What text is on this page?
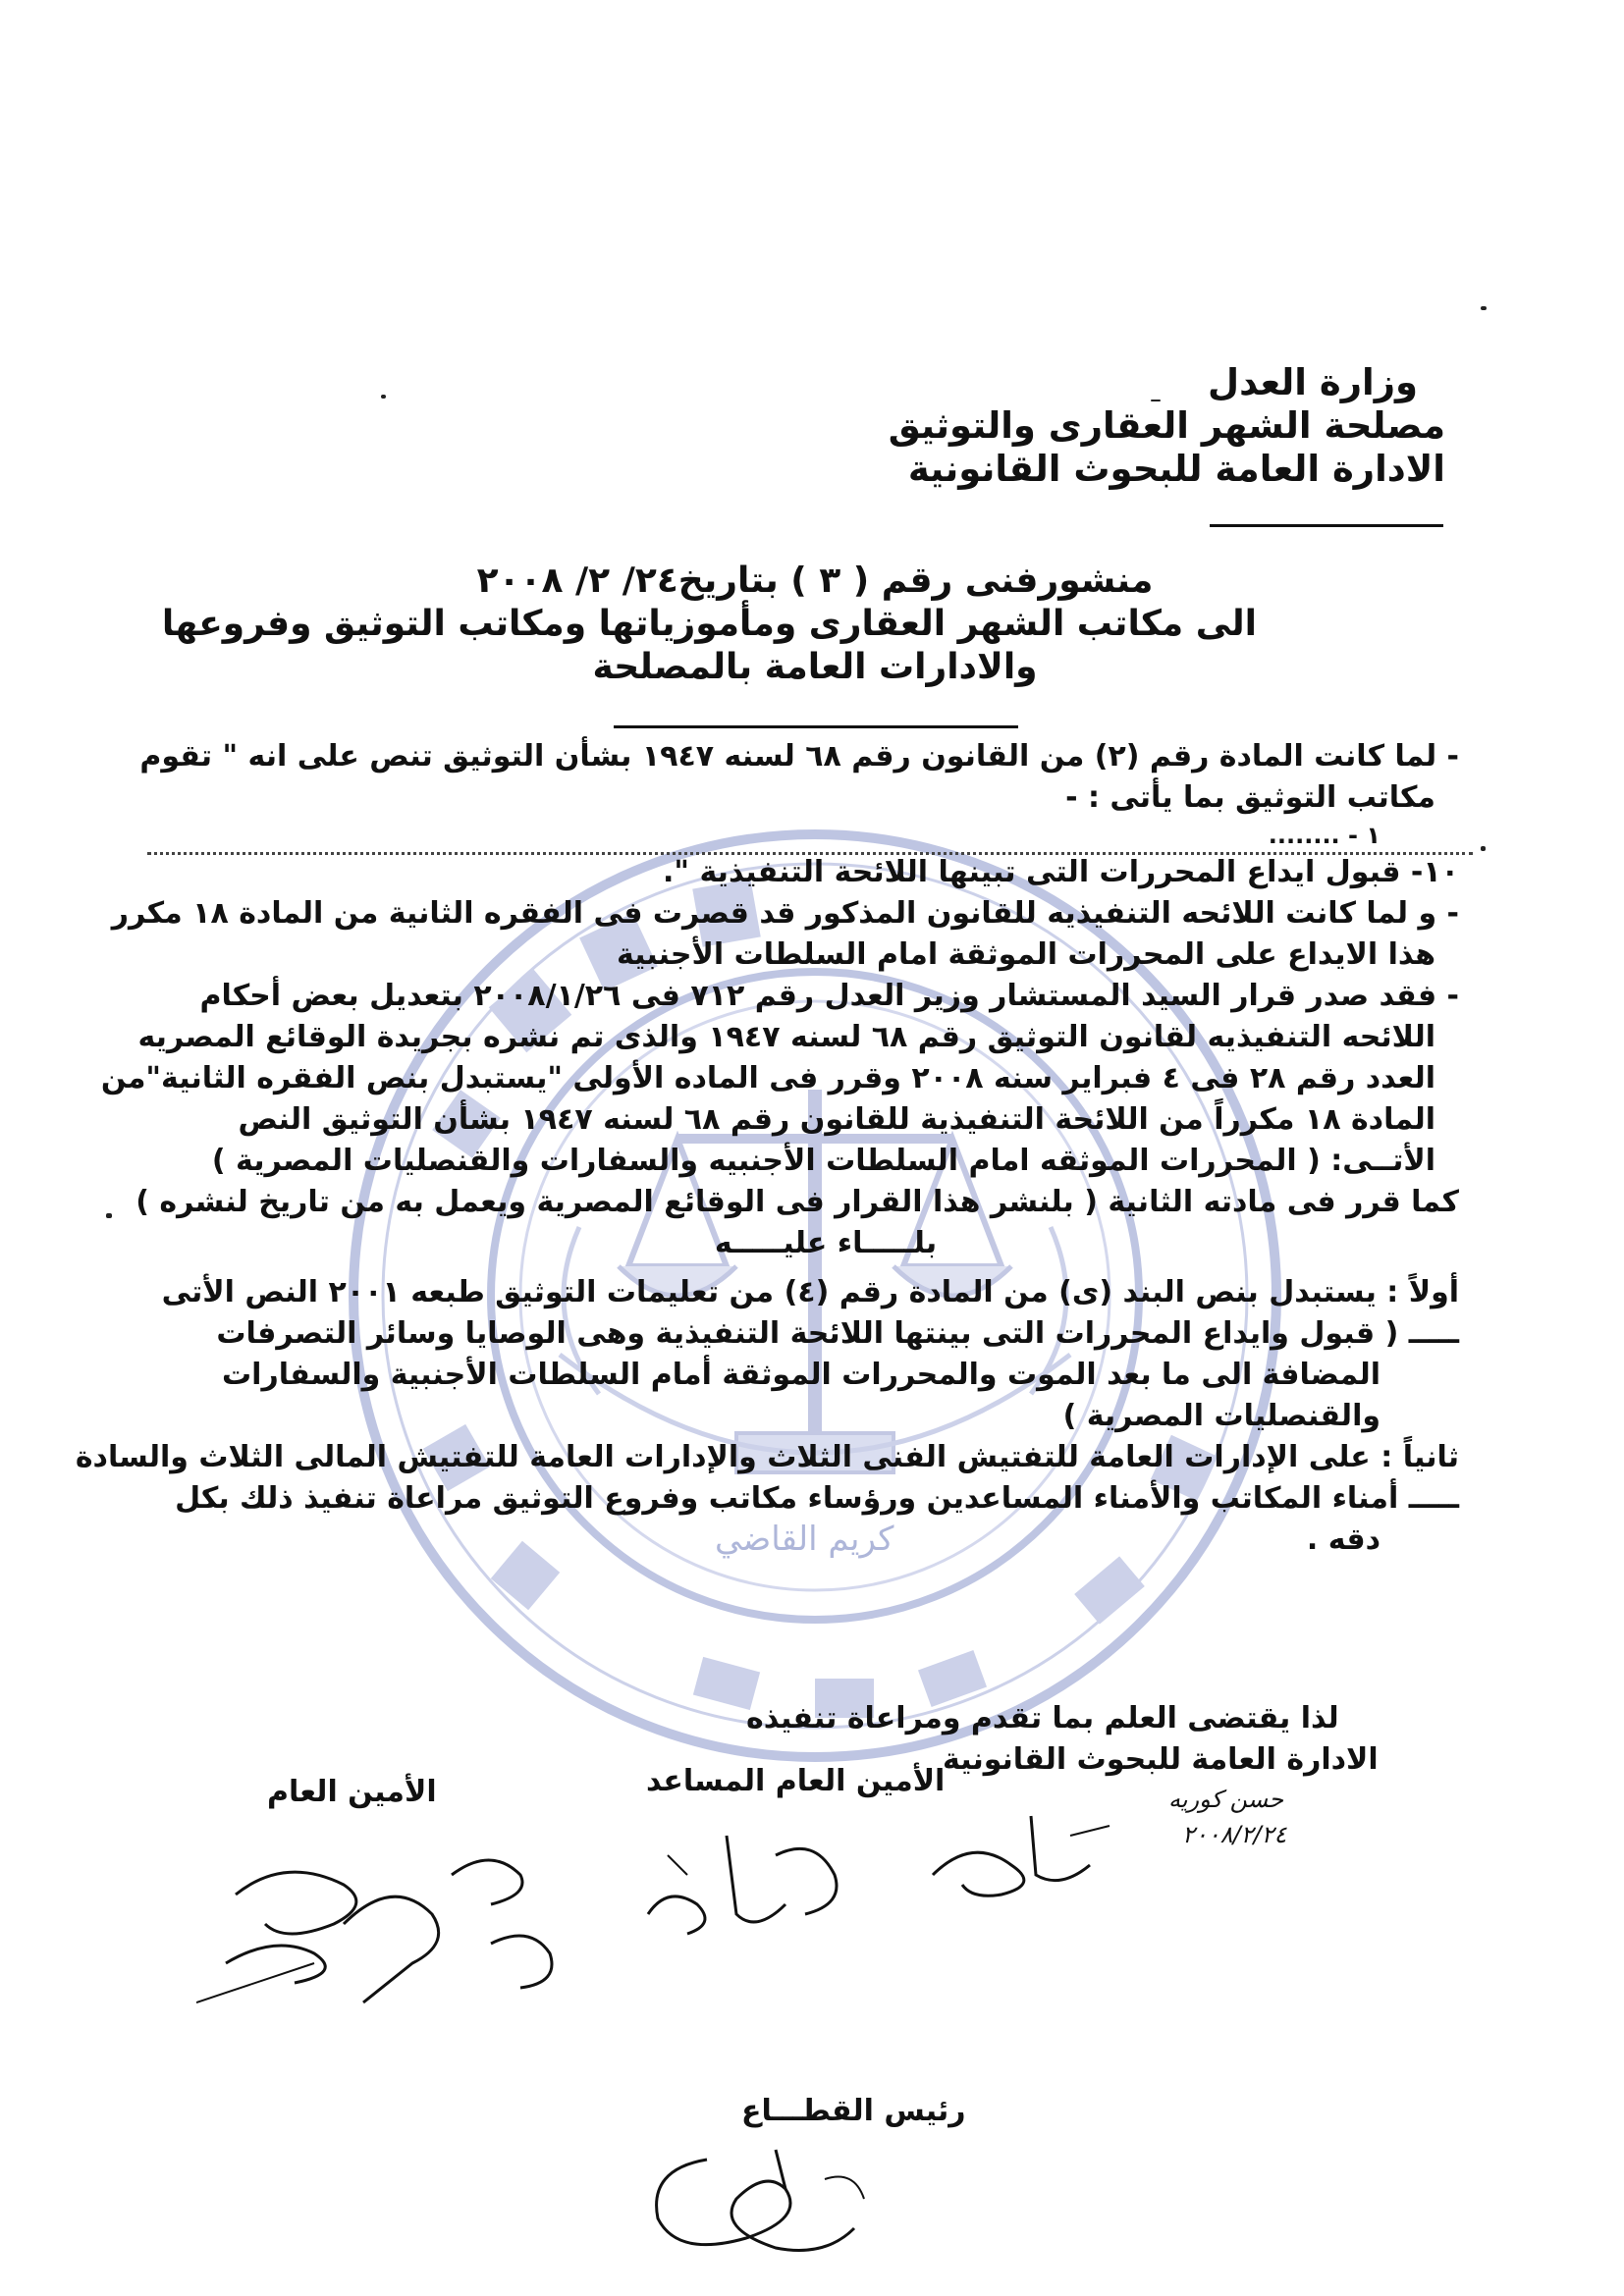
كريم القاضي
وزارة العدل
مصلحة الشهر العقارى والتوثيق
الادارة العامة للبحوث القانونية
منشورفنى رقم ( ٣ ) بتاريخ٢٤/ ٢/ ٢٠٠٨
الى مكاتب الشهر العقارى ومأموزياتها ومكاتب التوثيق وفروعها
والادارات العامة بالمصلحة
- لما كانت المادة رقم (٢) من القانون رقم ٦٨ لسنه ١٩٤٧ بشأن التوثيق تنص على انه " تقوم
مكاتب التوثيق بما يأتى : -
١ - ........
١٠- قبول ايداع المحررات التى تبينها اللائحة التنفيذية ".
- و لما كانت اللائحه التنفيذيه للقانون المذكور قد قصرت فى الفقره الثانية من المادة ١٨ مكرر
هذا الايداع على المحررات الموثقة امام السلطات الأجنبية
- فقد صدر قرار السيد المستشار وزير العدل رقم ٧١٢ فى ٢٠٠٨/١/٢٦ بتعديل بعض أحكام
اللائحه التنفيذيه لقانون التوثيق رقم ٦٨ لسنه ١٩٤٧ والذى تم نشره بجريدة الوقائع المصريه
العدد رقم ٢٨ فى ٤ فبراير سنه ٢٠٠٨ وقرر فى الماده الأولى "يستبدل بنص الفقره الثانية"من
المادة ١٨ مكرراً من اللائحة التنفيذية للقانون رقم ٦٨ لسنه ١٩٤٧ بشأن التوثيق النص
الأتــى: ( المحررات الموثقه امام السلطات الأجنبيه والسفارات والقنصليات المصرية )
كما قرر فى مادته الثانية ( بلنشر هذا القرار فى الوقائع المصرية ويعمل به من تاريخ لنشره )
بلـــــاء عليـــــه
أولاً : يستبدل بنص البند (ى) من المادة رقم (٤) من تعليمات التوثيق طبعه ٢٠٠١ النص الأتى
ـــــ ( قبول وايداع المحررات التى بينتها اللائحة التنفيذية وهى الوصايا وسائر التصرفات
المضافة الى ما بعد الموت والمحررات الموثقة أمام السلطات الأجنبية والسفارات
والقنصليات المصرية )
ثانياً : على الإدارات العامة للتفتيش الفنى الثلاث والإدارات العامة للتفتيش المالى الثلاث والسادة
ـــــ أمناء المكاتب والأمناء المساعدين ورؤساء مكاتب وفروع التوثيق مراعاة تنفيذ ذلك بكل
دقه .
لذا يقتضى العلم بما تقدم ومراعاة تنفيذه
الادارة العامة للبحوث القانونية
الأمين العام المساعد
الأمين العام	حسن كوريه
٢٠٠٨/٢/٢٤
رئيس القطـــاع
